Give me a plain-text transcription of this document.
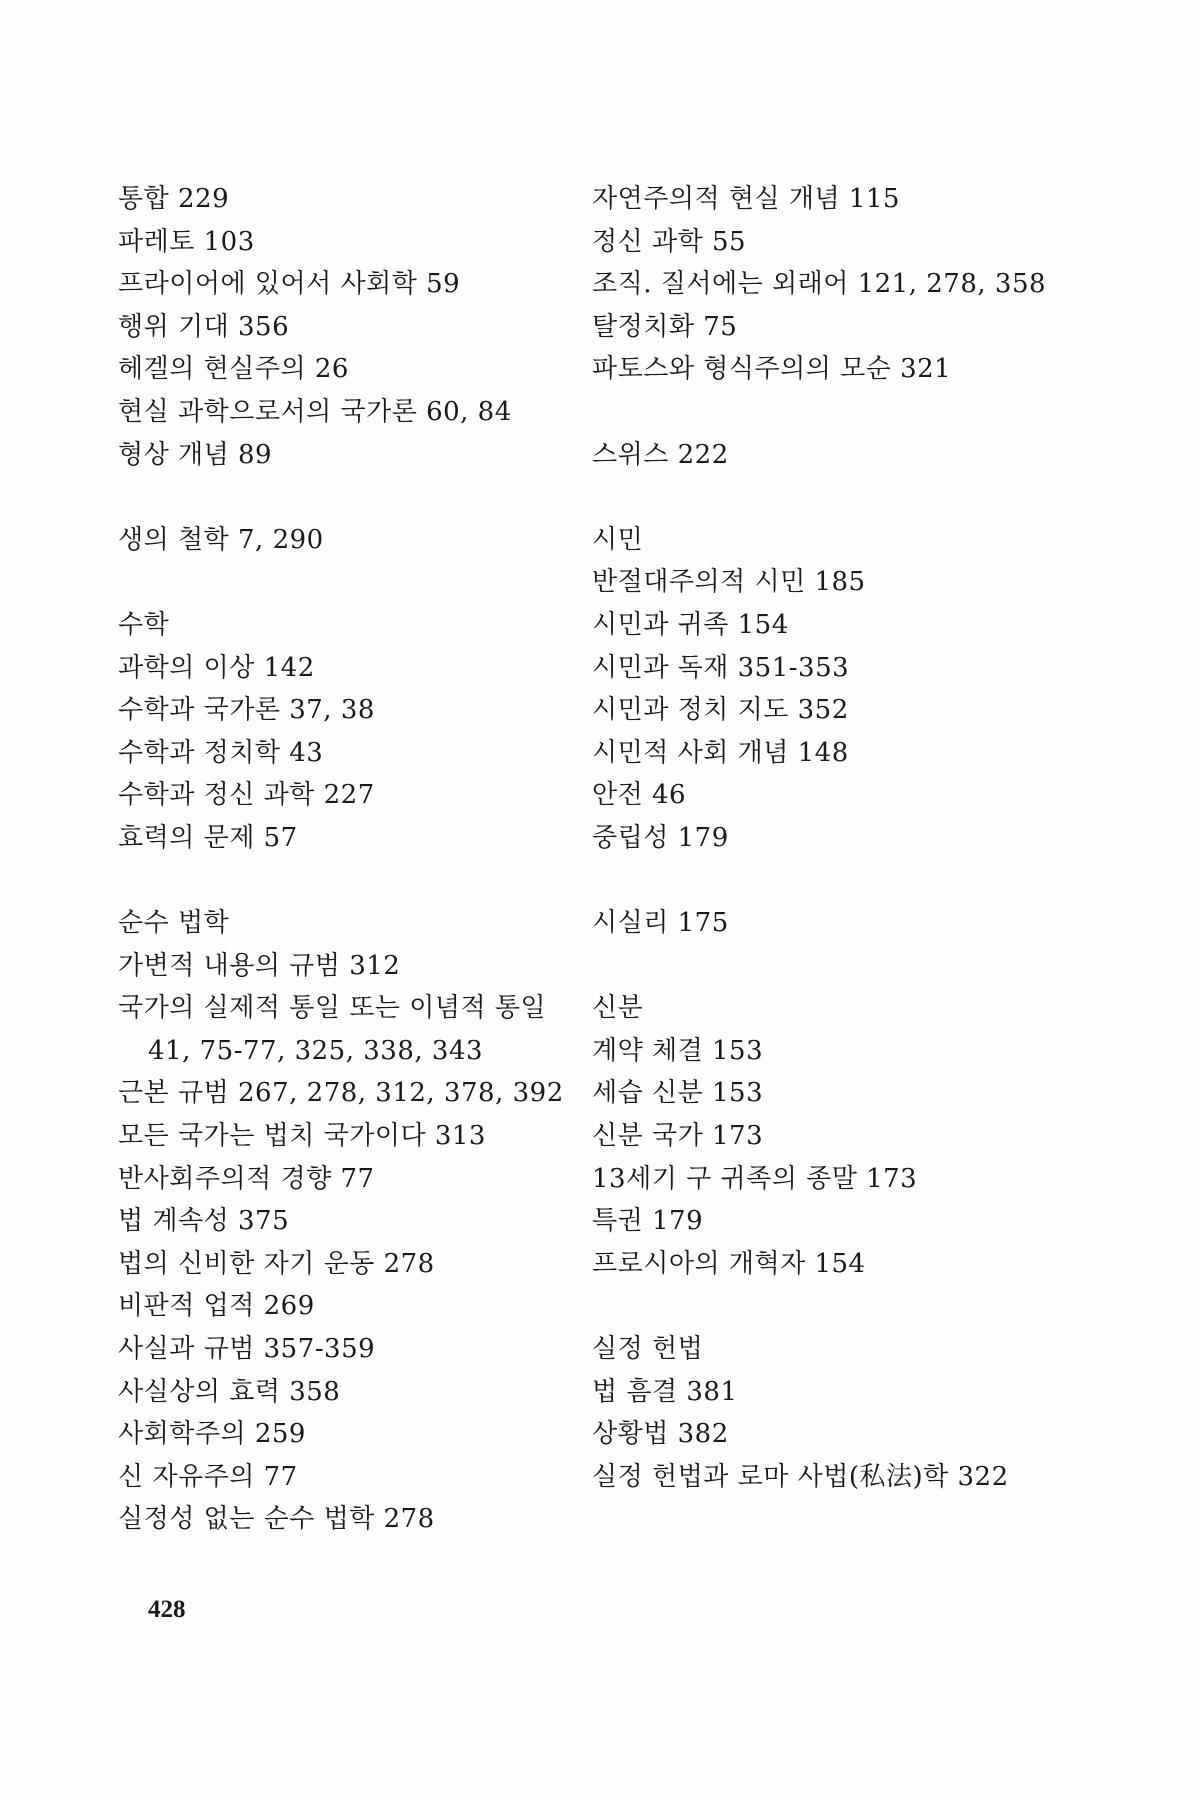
통합 229
파레토 103
프라이어에 있어서 사회학 59
행위 기대 356
헤겔의 현실주의 26
현실 과학으로서의 국가론 60, 84
형상 개념 89
생의 철학 7, 290
수학
과학의 이상 142
수학과 국가론 37, 38
수학과 정치학 43
수학과 정신 과학 227
효력의 문제 57
순수 법학
가변적 내용의 규범 312
국가의 실제적 통일 또는 이념적 통일
41, 75-77, 325, 338, 343
근본 규범 267, 278, 312, 378, 392
모든 국가는 법치 국가이다 313
반사회주의적 경향 77
법 계속성 375
법의 신비한 자기 운동 278
비판적 업적 269
사실과 규범 357-359
사실상의 효력 358
사회학주의 259
신 자유주의 77
실정성 없는 순수 법학 278
자연주의적 현실 개념 115
정신 과학 55
조직. 질서에는 외래어 121, 278, 358
탈정치화 75
파토스와 형식주의의 모순 321
스위스 222
시민
반절대주의적 시민 185
시민과 귀족 154
시민과 독재 351-353
시민과 정치 지도 352
시민적 사회 개념 148
안전 46
중립성 179
시실리 175
신분
계약 체결 153
세습 신분 153
신분 국가 173
13세기 구 귀족의 종말 173
특권 179
프로시아의 개혁자 154
실정 헌법
법 흠결 381
상황법 382
실정 헌법과 로마 사법(私法)학 322
428
